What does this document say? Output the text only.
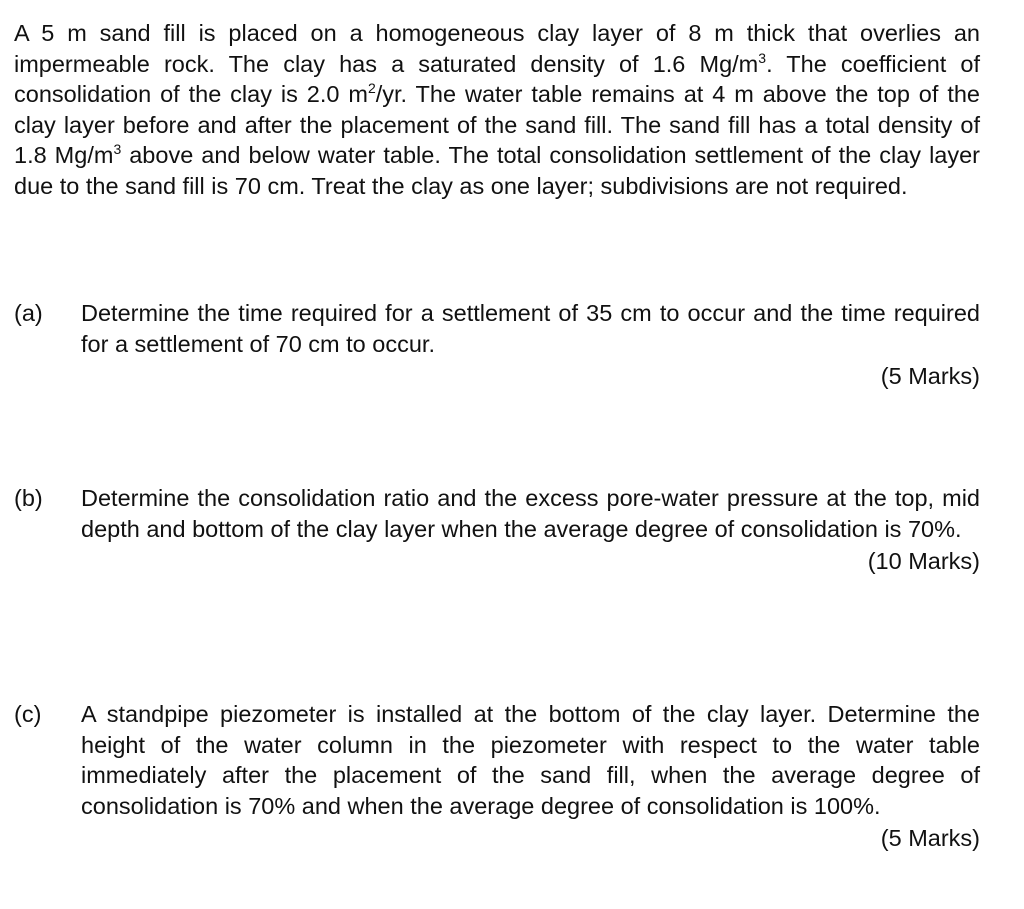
A 5 m sand fill is placed on a homogeneous clay layer of 8 m thick that overlies an impermeable rock. The clay has a saturated density of 1.6 $Mg/m^3$. The coefficient of consolidation of the clay is 2.0 $m^2/yr$. The water table remains at 4 m above the top of the clay layer before and after the placement of the sand fill. The sand fill has a total density of 1.8 $Mg/m^3$ above and below water table. The total consolidation settlement of the clay layer due to the sand fill is 70 cm. Treat the clay as one layer; subdivisions are not required.

(a) Determine the time required for a settlement of 35 cm to occur and the time required for a settlement of 70 cm to occur.
(5 Marks)
(b) Determine the consolidation ratio and the excess pore-water pressure at the top, mid depth and bottom of the clay layer when the average degree of consolidation is 70%.
(10 Marks)
(c) A standpipe piezometer is installed at the bottom of the clay layer. Determine the height of the water column in the piezometer with respect to the water table immediately after the placement of the sand fill, when the average degree of consolidation is 70% and when the average degree of consolidation is 100%.
(5 Marks)
